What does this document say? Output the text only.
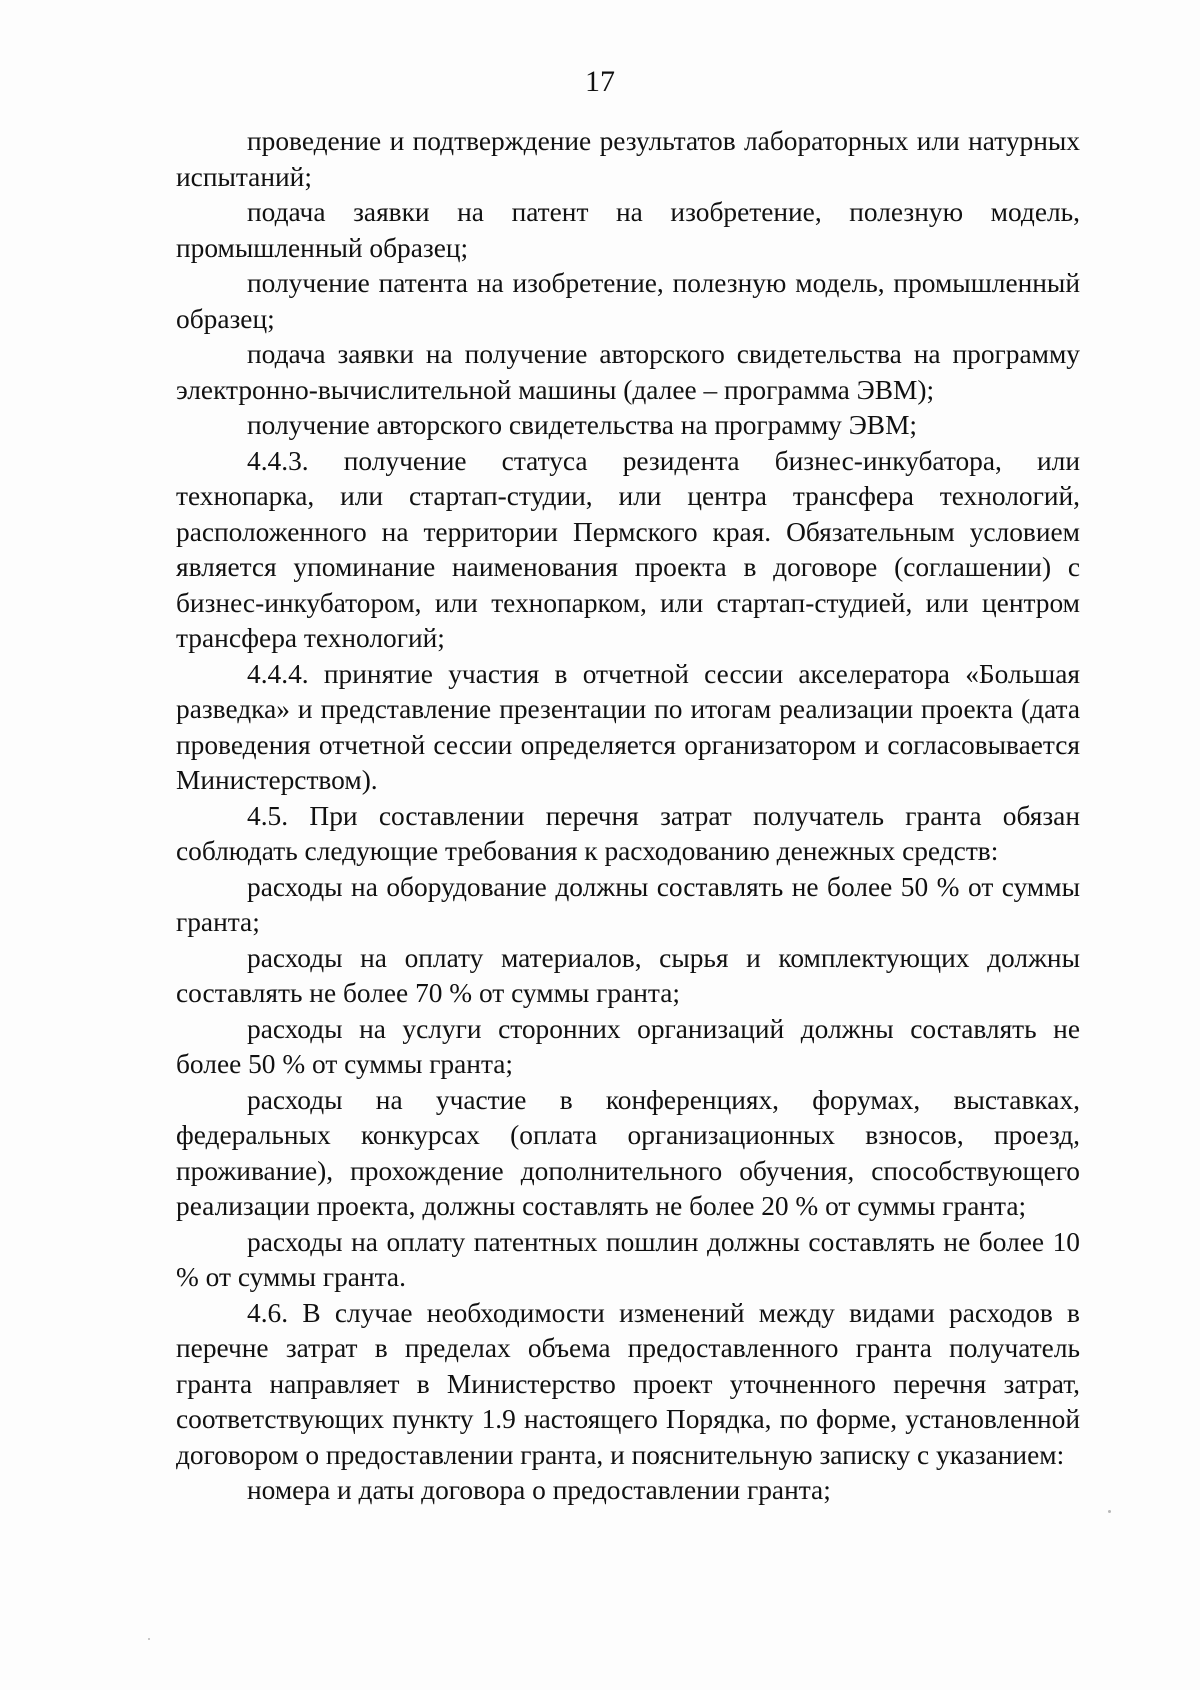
17

проведение и подтверждение результатов лабораторных или натурных испытаний;

подача заявки на патент на изобретение, полезную модель, промышленный образец;

получение патента на изобретение, полезную модель, промышленный образец;

подача заявки на получение авторского свидетельства на программу электронно-вычислительной машины (далее – программа ЭВМ);

получение авторского свидетельства на программу ЭВМ;

4.4.3. получение статуса резидента бизнес-инкубатора, или технопарка, или стартап-студии, или центра трансфера технологий, расположенного на территории Пермского края. Обязательным условием является упоминание наименования проекта в договоре (соглашении) с бизнес-инкубатором, или технопарком, или стартап-студией, или центром трансфера технологий;

4.4.4. принятие участия в отчетной сессии акселератора «Большая разведка» и представление презентации по итогам реализации проекта (дата проведения отчетной сессии определяется организатором и согласовывается Министерством).

4.5. При составлении перечня затрат получатель гранта обязан соблюдать следующие требования к расходованию денежных средств:

расходы на оборудование должны составлять не более 50 % от суммы гранта;

расходы на оплату материалов, сырья и комплектующих должны составлять не более 70 % от суммы гранта;

расходы на услуги сторонних организаций должны составлять не более 50 % от суммы гранта;

расходы на участие в конференциях, форумах, выставках, федеральных конкурсах (оплата организационных взносов, проезд, проживание), прохождение дополнительного обучения, способствующего реализации проекта, должны составлять не более 20 % от суммы гранта;

расходы на оплату патентных пошлин должны составлять не более 10 % от суммы гранта.

4.6. В случае необходимости изменений между видами расходов в перечне затрат в пределах объема предоставленного гранта получатель гранта направляет в Министерство проект уточненного перечня затрат, соответствующих пункту 1.9 настоящего Порядка, по форме, установленной договором о предоставлении гранта, и пояснительную записку с указанием:

номера и даты договора о предоставлении гранта;
